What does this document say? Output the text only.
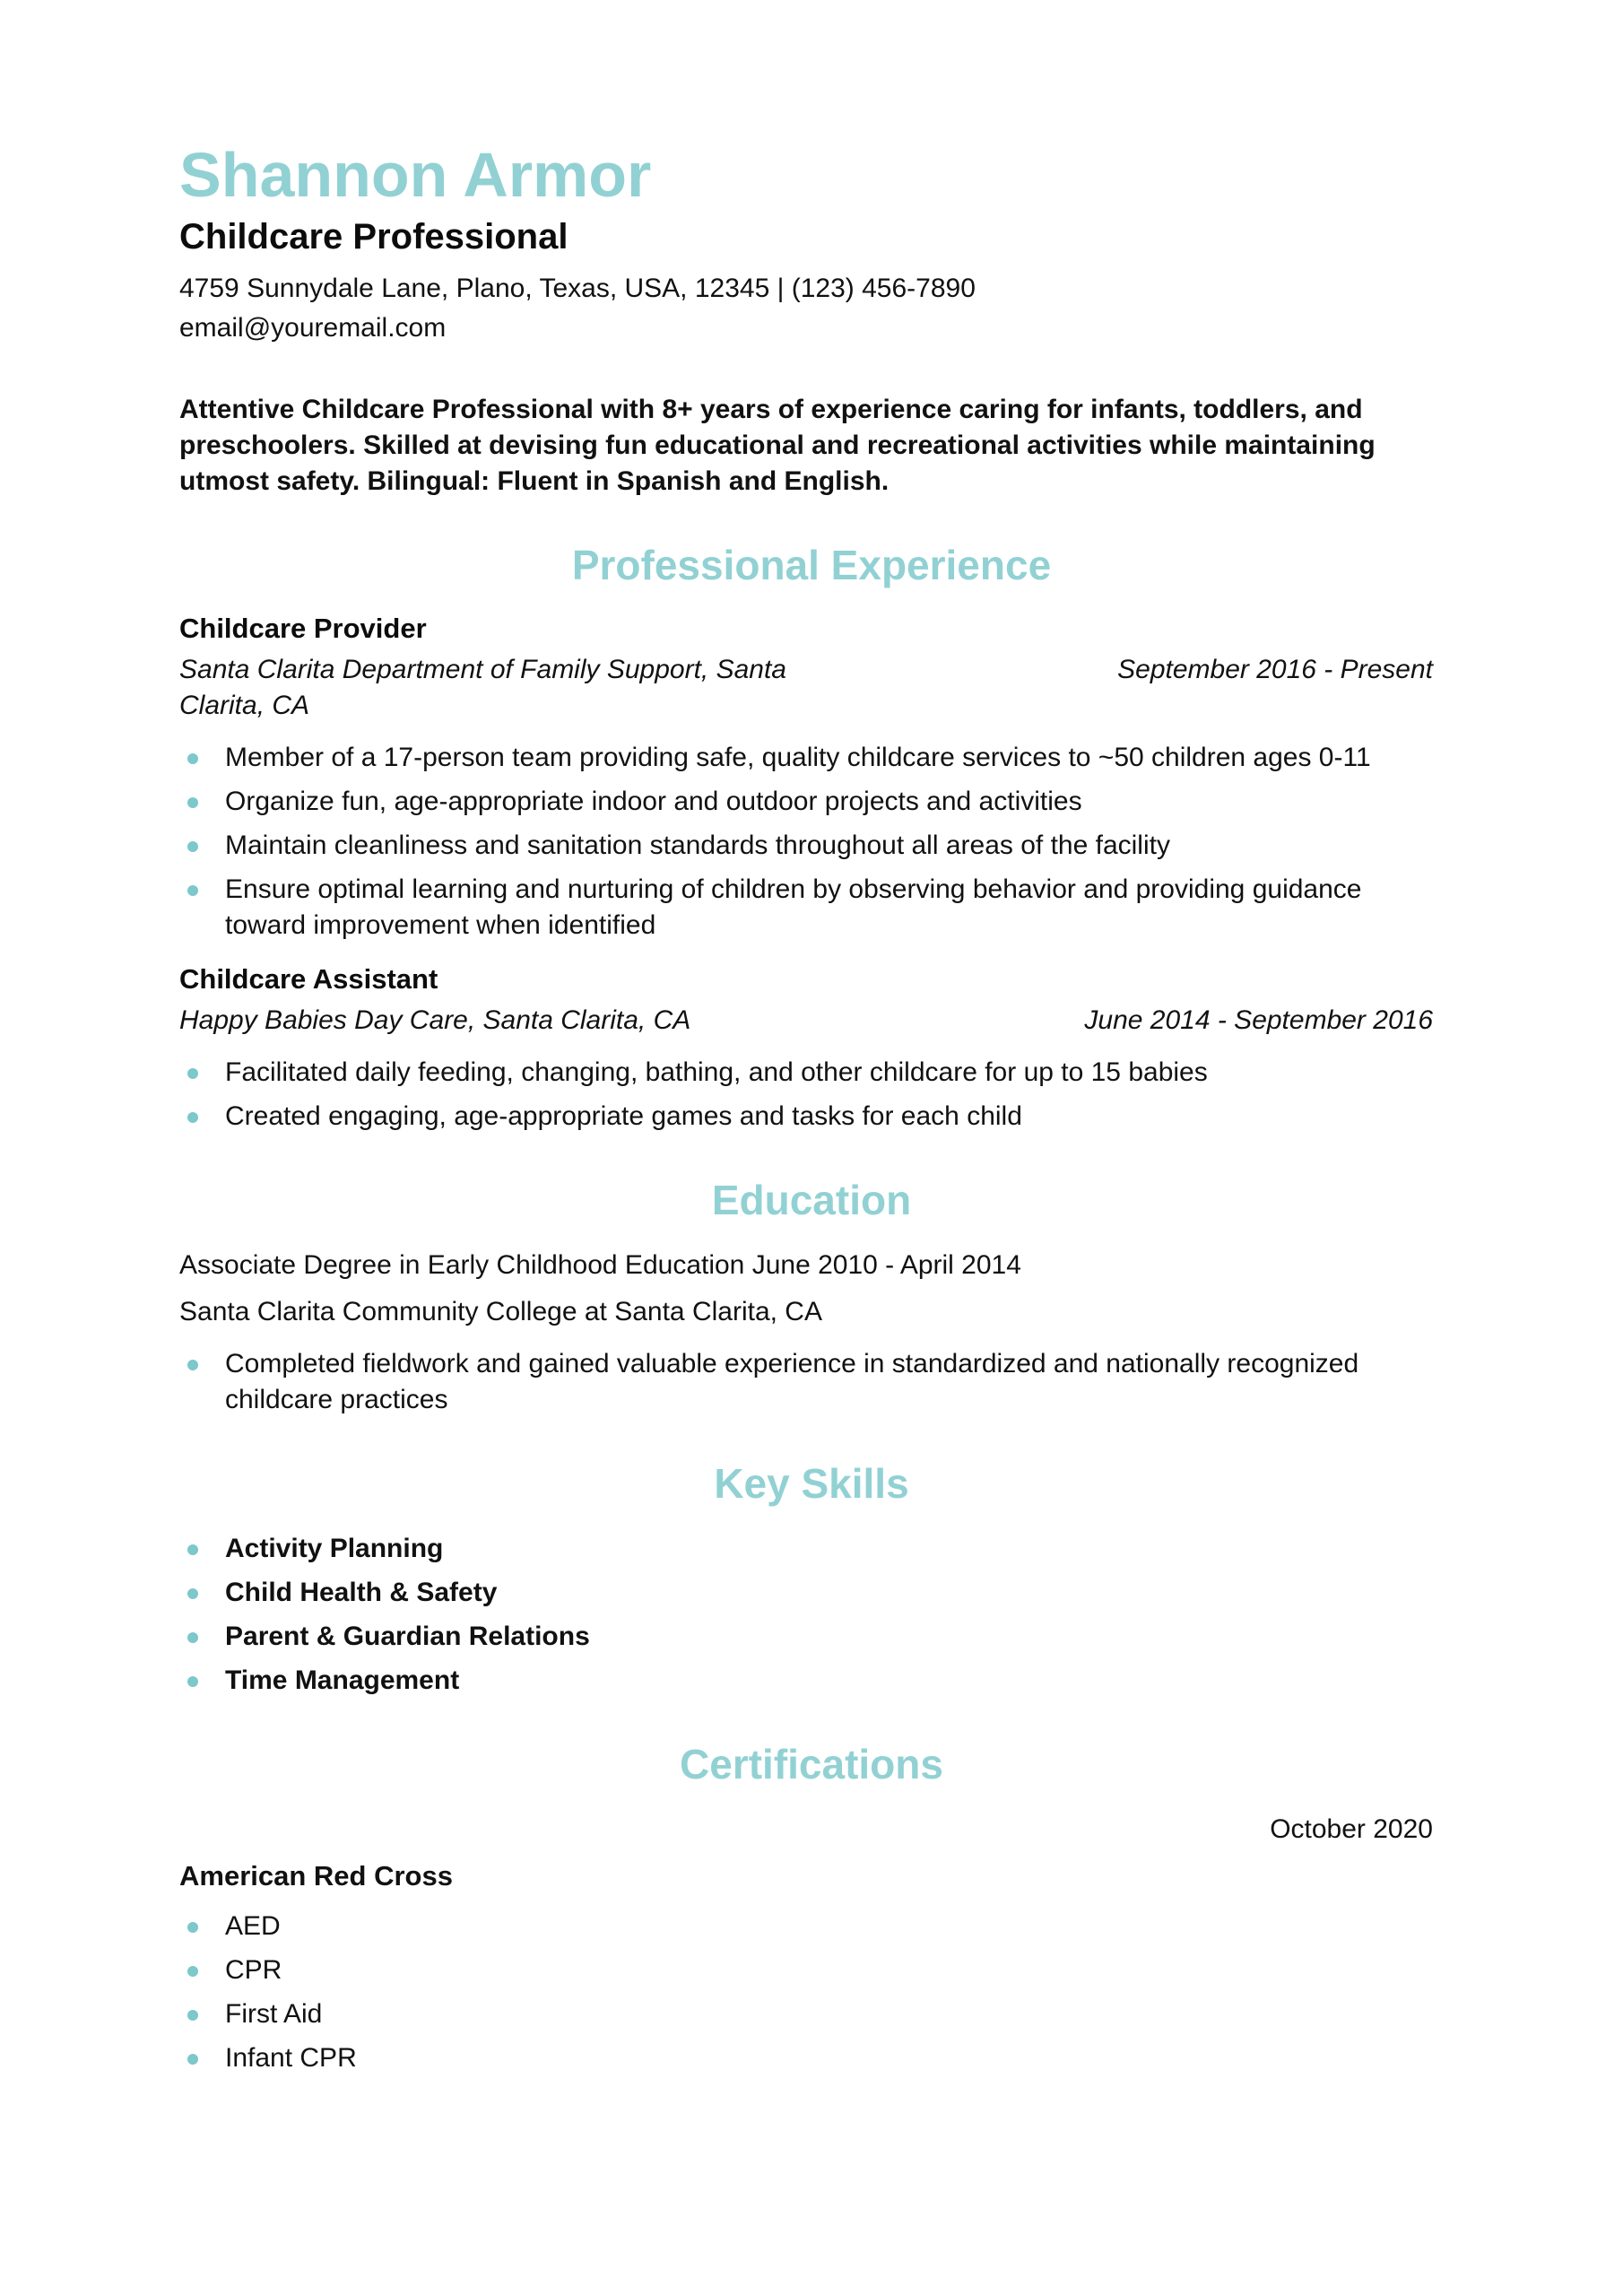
Shannon Armor
Childcare Professional
4759 Sunnydale Lane, Plano, Texas, USA, 12345 | (123) 456-7890
email@youremail.com

Attentive Childcare Professional with 8+ years of experience caring for infants, toddlers, and preschoolers. Skilled at devising fun educational and recreational activities while maintaining utmost safety. Bilingual: Fluent in Spanish and English.

Professional Experience
Childcare Provider
Santa Clarita Department of Family Support, Santa Clarita, CA
September 2016 - Present
Member of a 17-person team providing safe, quality childcare services to ~50 children ages 0-11
Organize fun, age-appropriate indoor and outdoor projects and activities
Maintain cleanliness and sanitation standards throughout all areas of the facility
Ensure optimal learning and nurturing of children by observing behavior and providing guidance toward improvement when identified
Childcare Assistant
Happy Babies Day Care, Santa Clarita, CA	June 2014 - September 2016
Facilitated daily feeding, changing, bathing, and other childcare for up to 15 babies
Created engaging, age-appropriate games and tasks for each child
Education
Associate Degree in Early Childhood Education June 2010 - April 2014
Santa Clarita Community College at Santa Clarita, CA
Completed fieldwork and gained valuable experience in standardized and nationally recognized childcare practices
Key Skills
Activity Planning
Child Health & Safety
Parent & Guardian Relations
Time Management
Certifications
October 2020
American Red Cross
AED
CPR
First Aid
Infant CPR
